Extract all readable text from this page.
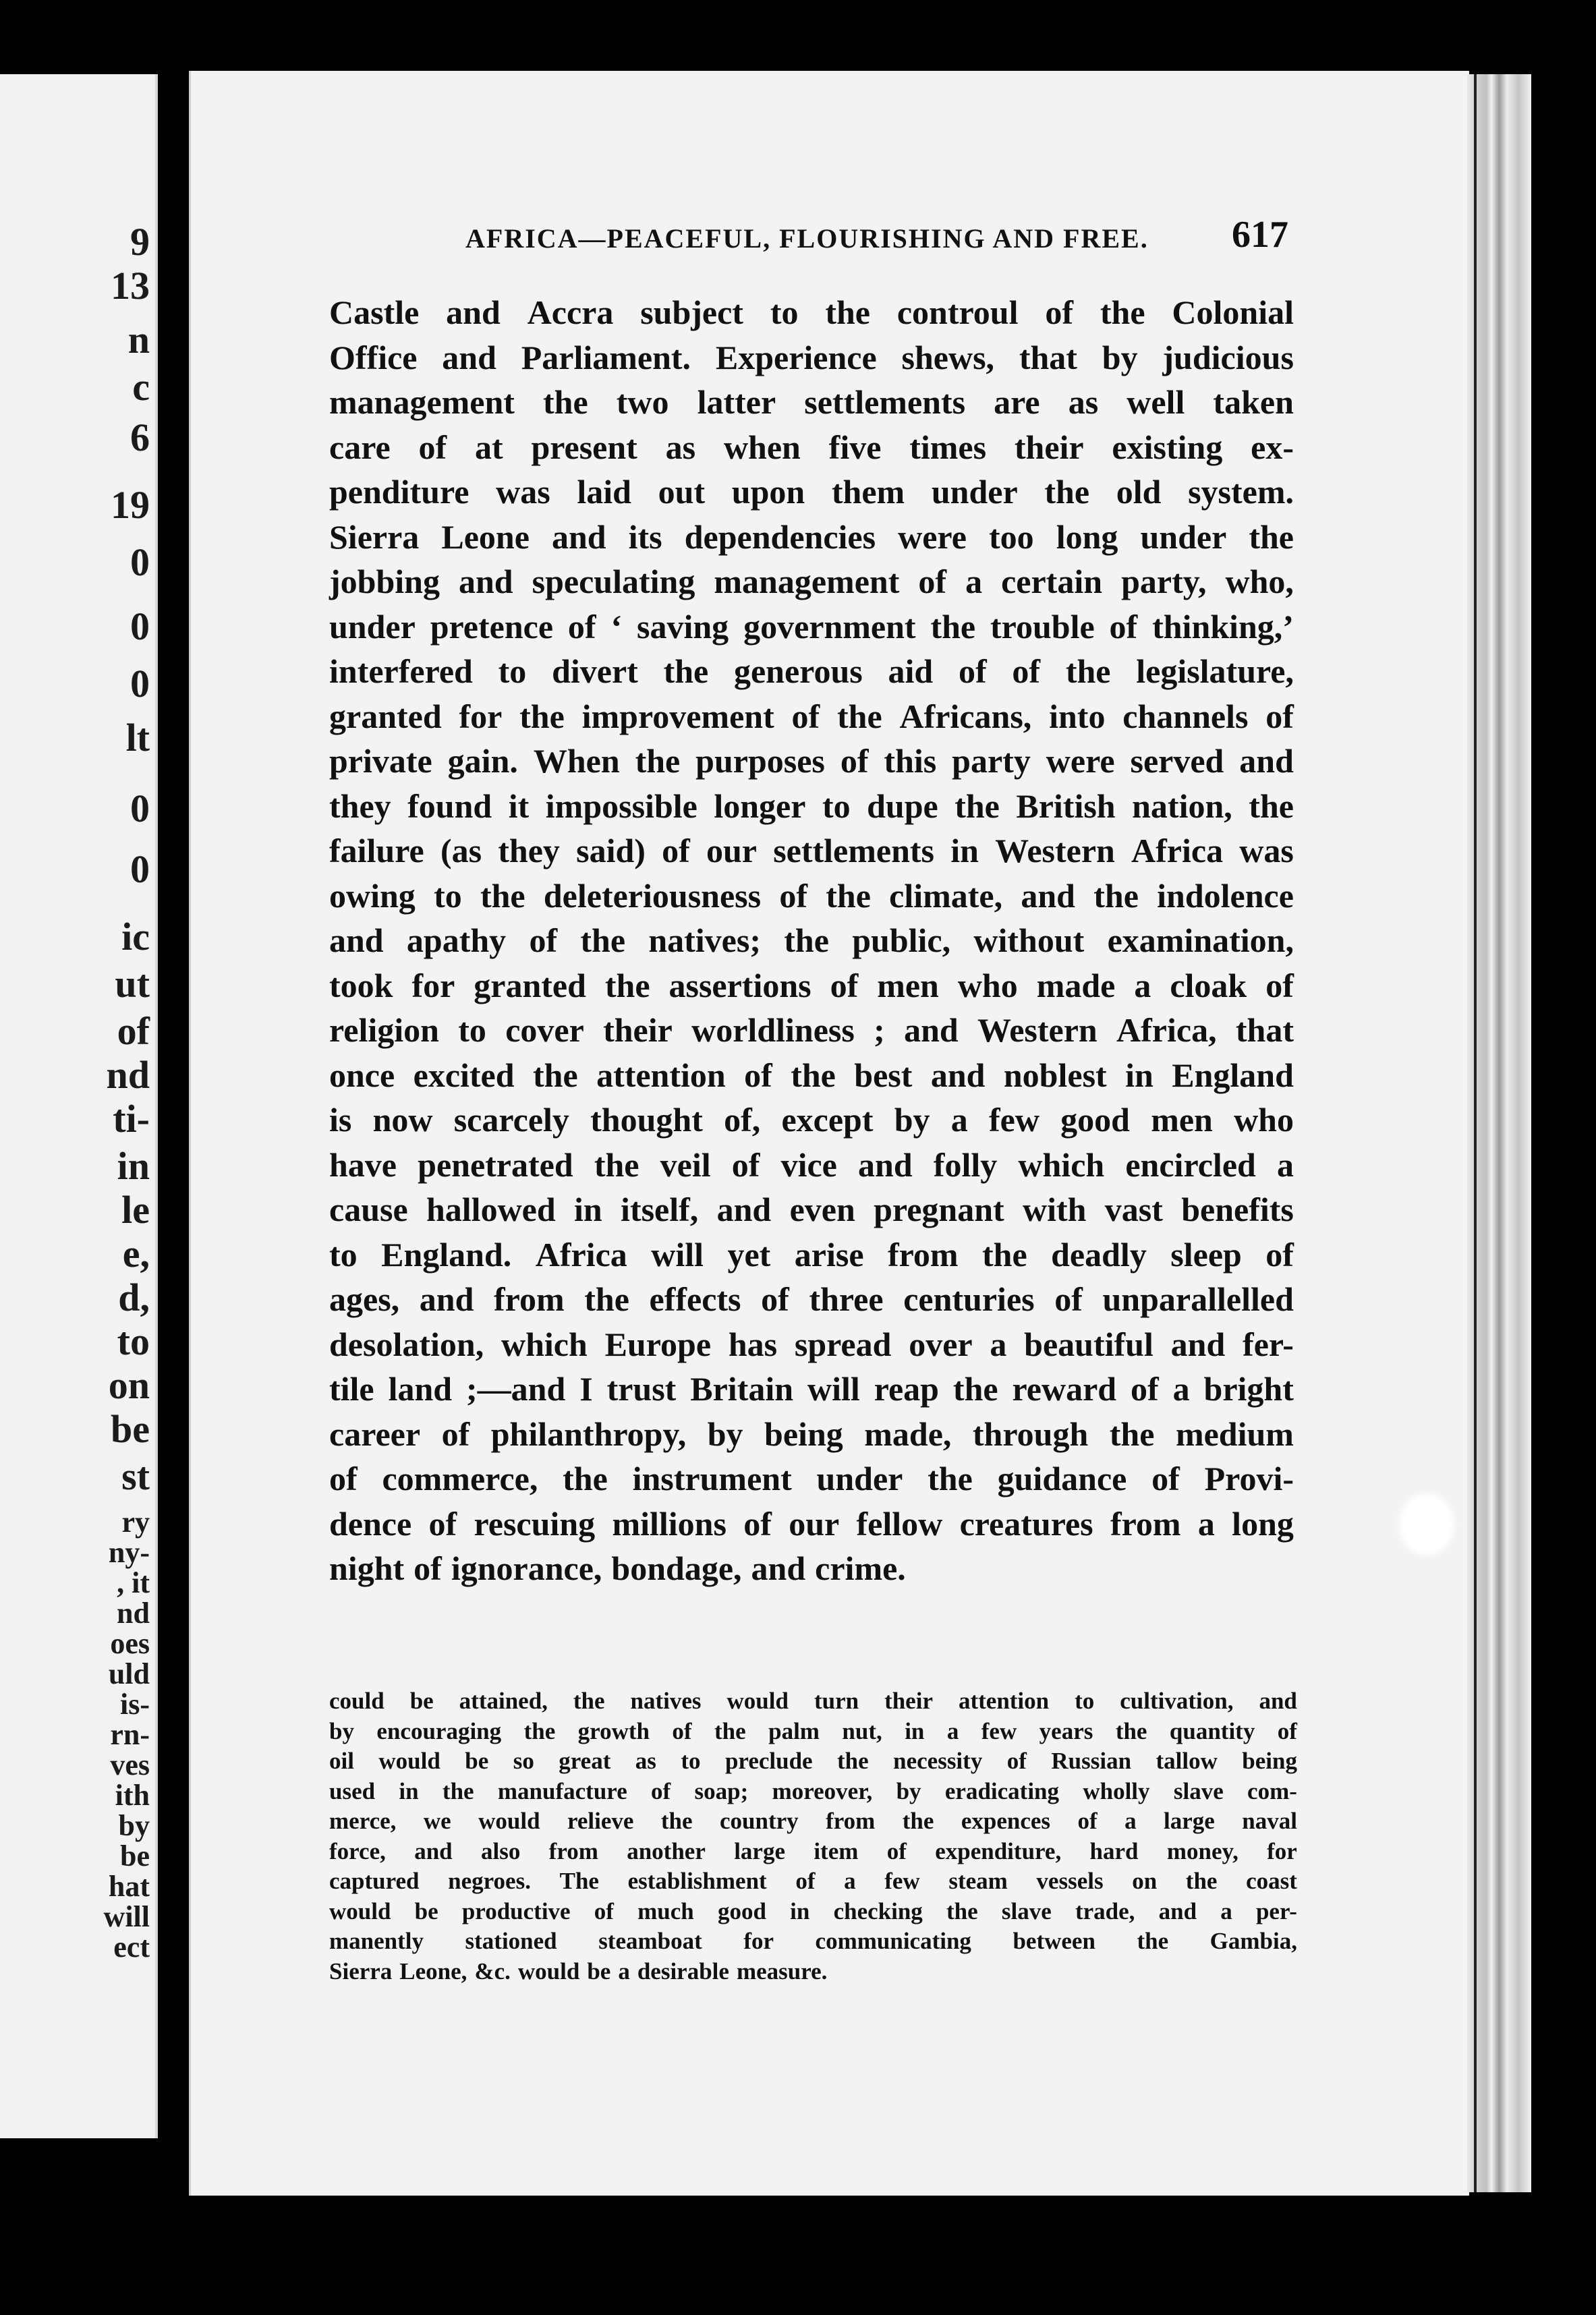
9
13
n
c
6
19
0
0
0
lt
0
0
ic
ut
of
nd
ti-
in
le
e,
d,
to
on
be
st
ry
ny-
, it
nd
oes
uld
is-
rn-
ves
ith
by
be
hat
will
ect
AFRICA—PEACEFUL, FLOURISHING AND FREE. 617
Castle and Accra subject to the controul of the Colonial
Office and Parliament. Experience shews, that by judicious
management the two latter settlements are as well taken
care of at present as when five times their existing ex-
penditure was laid out upon them under the old system.
Sierra Leone and its dependencies were too long under the
jobbing and speculating management of a certain party, who,
under pretence of ‘ saving government the trouble of thinking,’
interfered to divert the generous aid of of the legislature,
granted for the improvement of the Africans, into channels of
private gain. When the purposes of this party were served and
they found it impossible longer to dupe the British nation, the
failure (as they said) of our settlements in Western Africa was
owing to the deleteriousness of the climate, and the indolence
and apathy of the natives; the public, without examination,
took for granted the assertions of men who made a cloak of
religion to cover their worldliness ; and Western Africa, that
once excited the attention of the best and noblest in England
is now scarcely thought of, except by a few good men who
have penetrated the veil of vice and folly which encircled a
cause hallowed in itself, and even pregnant with vast benefits
to England. Africa will yet arise from the deadly sleep of
ages, and from the effects of three centuries of unparallelled
desolation, which Europe has spread over a beautiful and fer-
tile land ;—and I trust Britain will reap the reward of a bright
career of philanthropy, by being made, through the medium
of commerce, the instrument under the guidance of Provi-
dence of rescuing millions of our fellow creatures from a long
night of ignorance, bondage, and crime.
could be attained, the natives would turn their attention to cultivation, and
by encouraging the growth of the palm nut, in a few years the quantity of
oil would be so great as to preclude the necessity of Russian tallow being
used in the manufacture of soap; moreover, by eradicating wholly slave com-
merce, we would relieve the country from the expences of a large naval
force, and also from another large item of expenditure, hard money, for
captured negroes. The establishment of a few steam vessels on the coast
would be productive of much good in checking the slave trade, and a per-
manently stationed steamboat for communicating between the Gambia,
Sierra Leone, &c. would be a desirable measure.
